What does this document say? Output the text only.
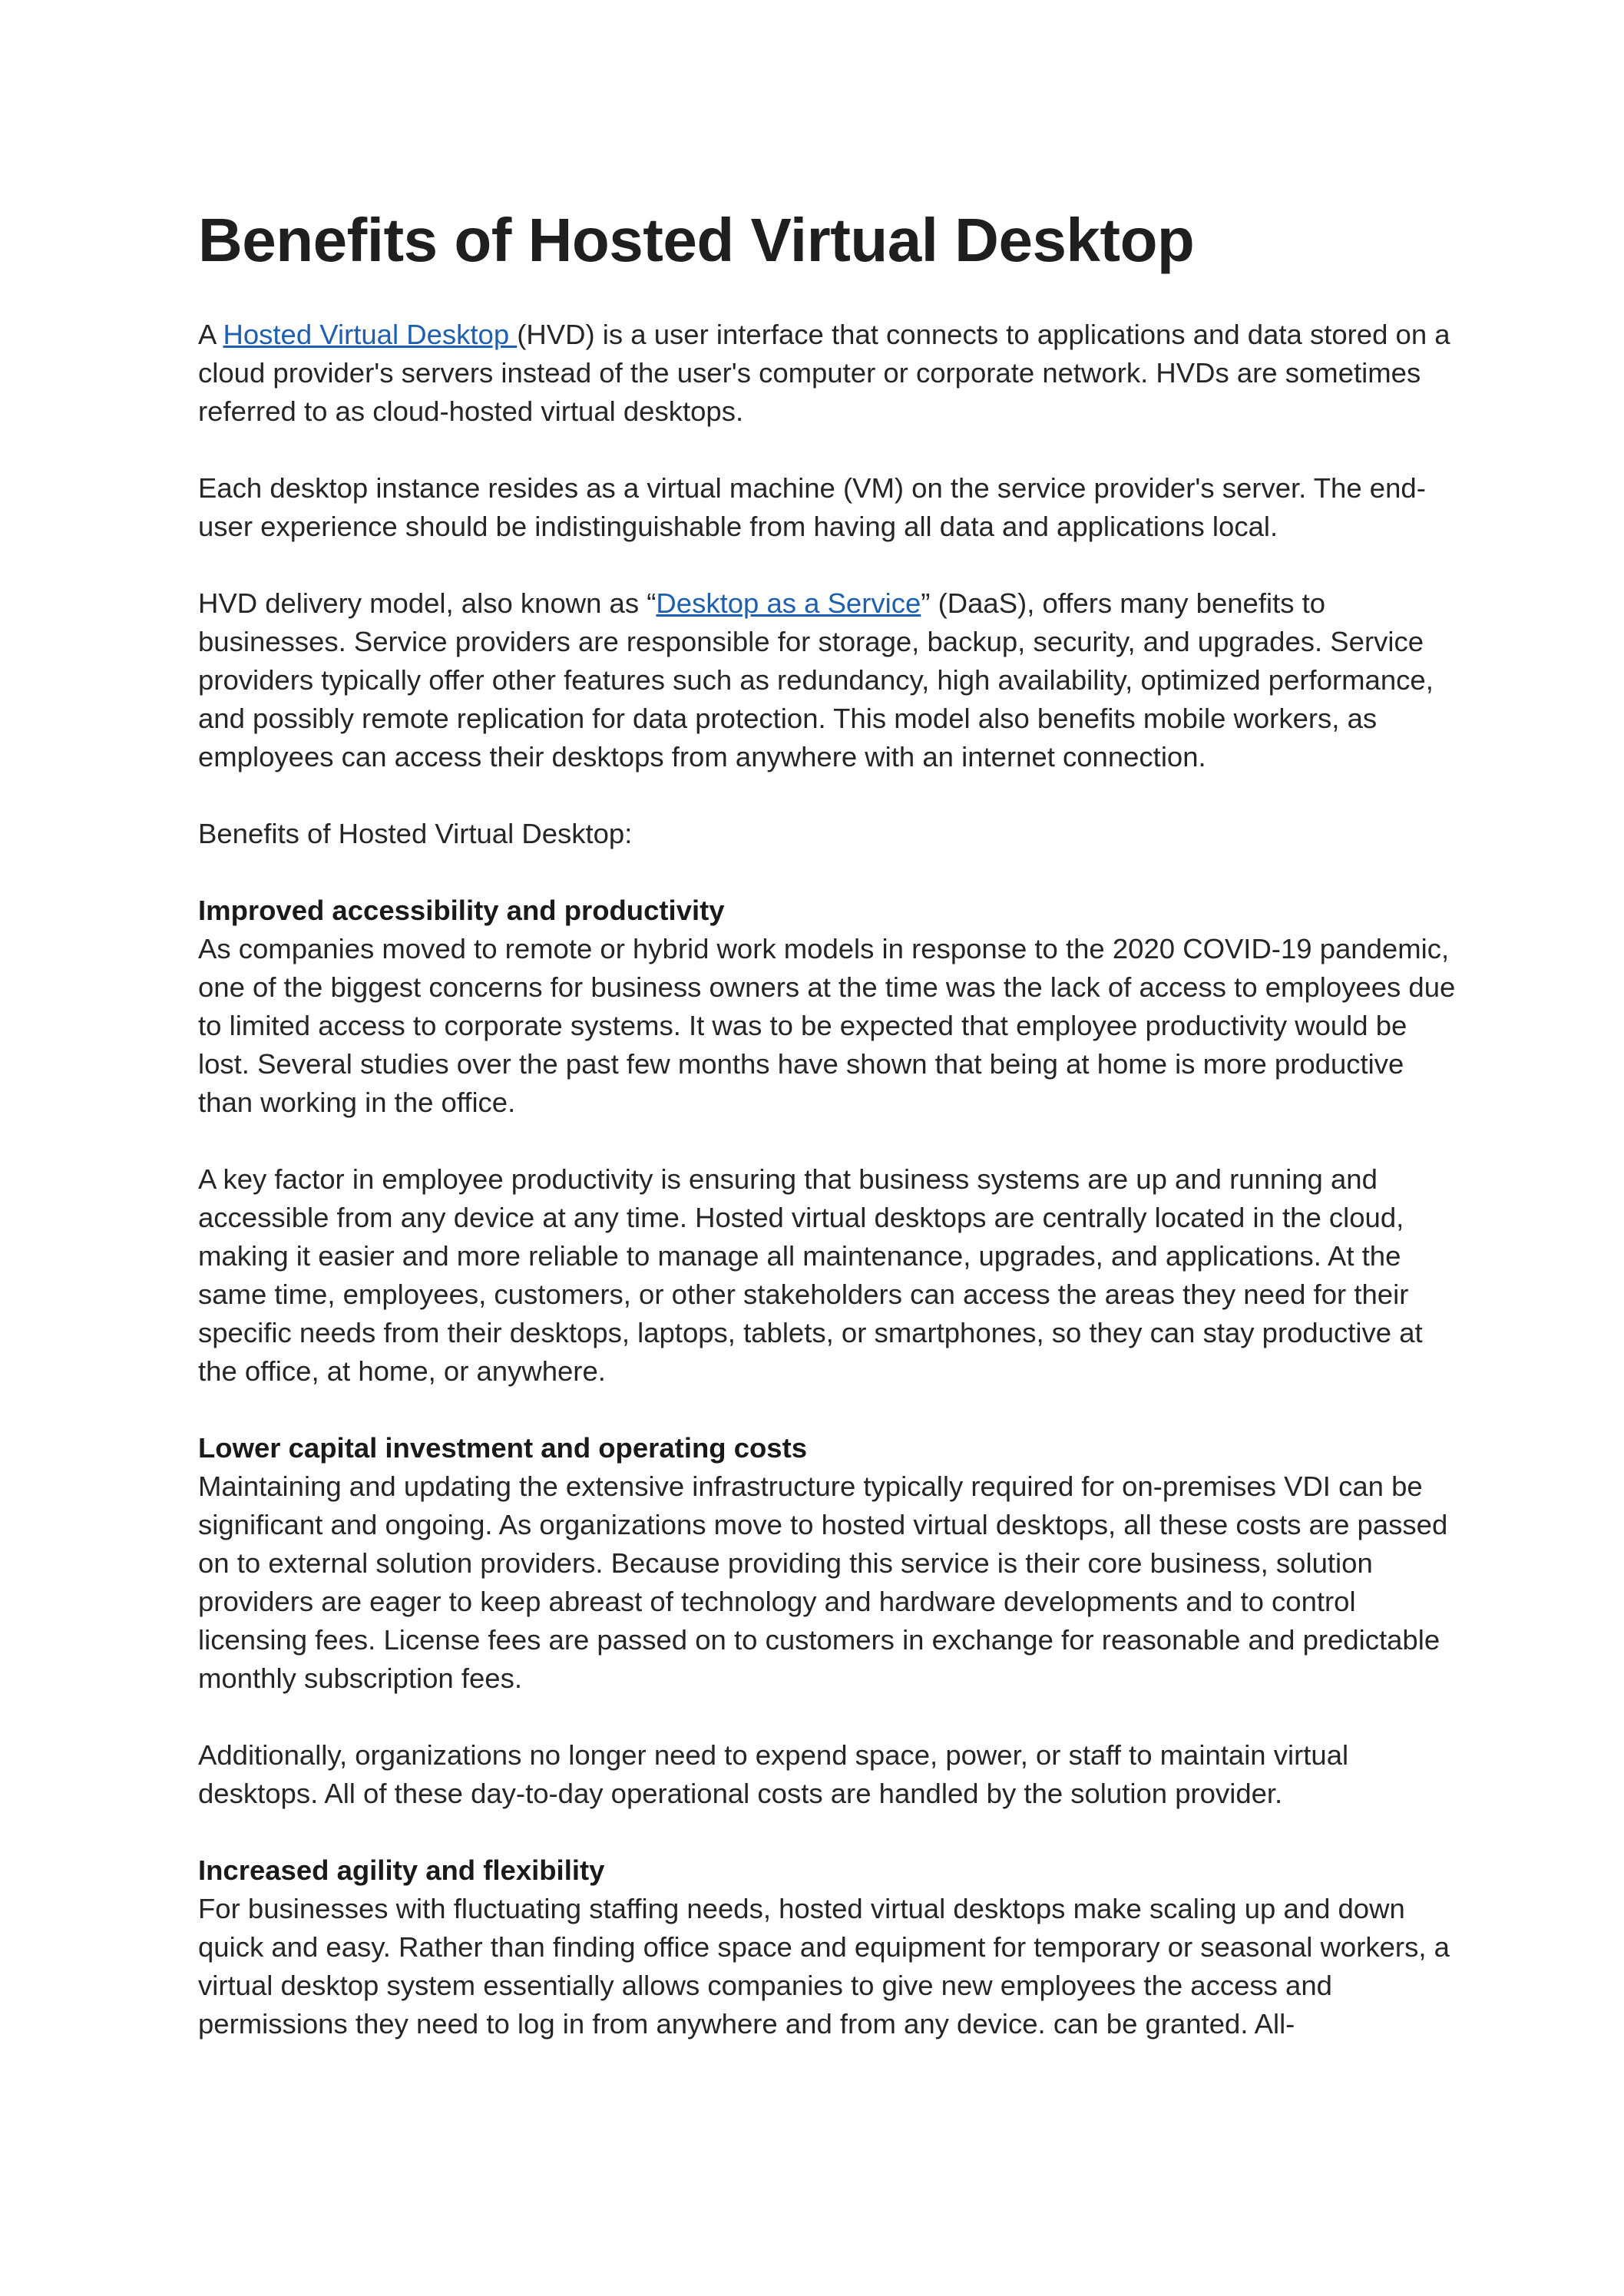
Benefits of Hosted Virtual Desktop

A Hosted Virtual Desktop (HVD) is a user interface that connects to applications and data stored on a cloud provider's servers instead of the user's computer or corporate network. HVDs are sometimes referred to as cloud-hosted virtual desktops.

Each desktop instance resides as a virtual machine (VM) on the service provider's server. The end-user experience should be indistinguishable from having all data and applications local.

HVD delivery model, also known as “Desktop as a Service” (DaaS), offers many benefits to businesses. Service providers are responsible for storage, backup, security, and upgrades. Service providers typically offer other features such as redundancy, high availability, optimized performance, and possibly remote replication for data protection. This model also benefits mobile workers, as employees can access their desktops from anywhere with an internet connection.

Benefits of Hosted Virtual Desktop:

Improved accessibility and productivity

As companies moved to remote or hybrid work models in response to the 2020 COVID-19 pandemic, one of the biggest concerns for business owners at the time was the lack of access to employees due to limited access to corporate systems. It was to be expected that employee productivity would be lost. Several studies over the past few months have shown that being at home is more productive than working in the office.

A key factor in employee productivity is ensuring that business systems are up and running and accessible from any device at any time. Hosted virtual desktops are centrally located in the cloud, making it easier and more reliable to manage all maintenance, upgrades, and applications. At the same time, employees, customers, or other stakeholders can access the areas they need for their specific needs from their desktops, laptops, tablets, or smartphones, so they can stay productive at the office, at home, or anywhere.

Lower capital investment and operating costs

Maintaining and updating the extensive infrastructure typically required for on-premises VDI can be significant and ongoing. As organizations move to hosted virtual desktops, all these costs are passed on to external solution providers. Because providing this service is their core business, solution providers are eager to keep abreast of technology and hardware developments and to control licensing fees. License fees are passed on to customers in exchange for reasonable and predictable monthly subscription fees.

Additionally, organizations no longer need to expend space, power, or staff to maintain virtual desktops. All of these day-to-day operational costs are handled by the solution provider.

Increased agility and flexibility

For businesses with fluctuating staffing needs, hosted virtual desktops make scaling up and down quick and easy. Rather than finding office space and equipment for temporary or seasonal workers, a virtual desktop system essentially allows companies to give new employees the access and permissions they need to log in from anywhere and from any device. can be granted. All-
